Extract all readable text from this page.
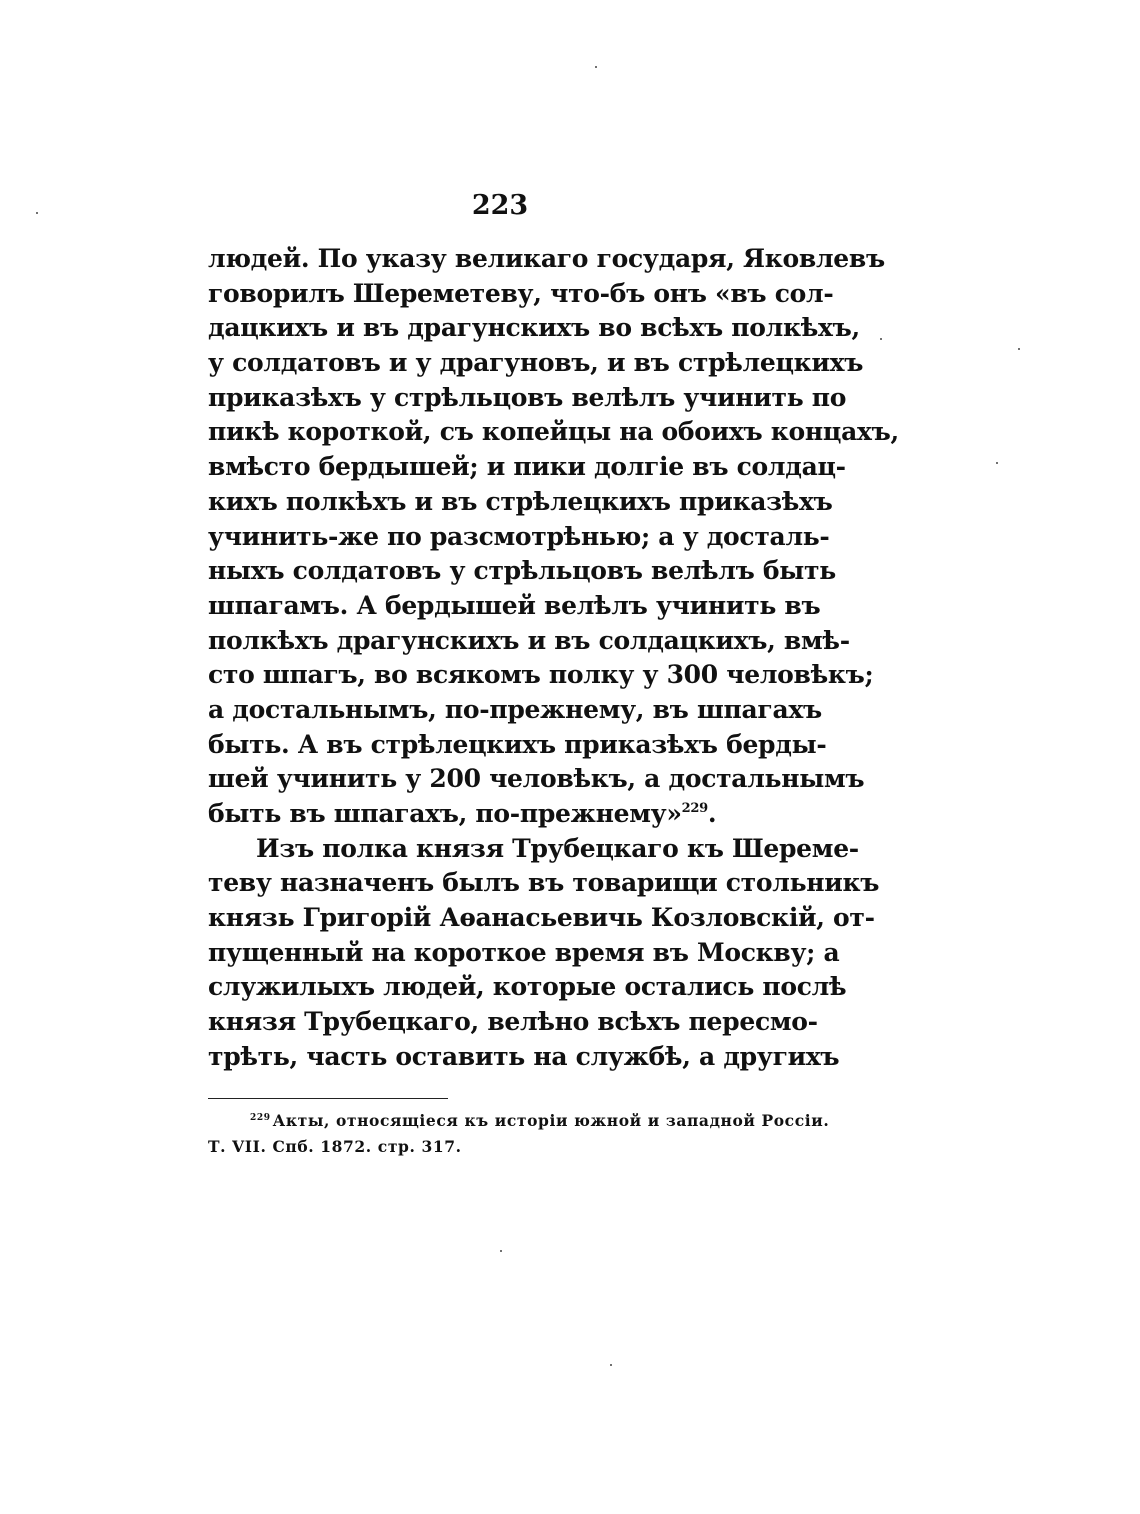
223
людей. По указу великаго государя, Яковлевъ
говорилъ Шереметеву, что-бъ онъ «въ сол-
дацкихъ и въ драгунскихъ во всѣхъ полкѣхъ,
у солдатовъ и у драгуновъ, и въ стрѣлецкихъ
приказѣхъ у стрѣльцовъ велѣлъ учинить по
пикѣ короткой, съ копейцы на обоихъ концахъ,
вмѣсто бердышей; и пики долгіе въ солдац-
кихъ полкѣхъ и въ стрѣлецкихъ приказѣхъ
учинить-же по разсмотрѣнью; а у досталь-
ныхъ солдатовъ у стрѣльцовъ велѣлъ быть
шпагамъ. А бердышей велѣлъ учинить въ
полкѣхъ драгунскихъ и въ солдацкихъ, вмѣ-
сто шпагъ, во всякомъ полку у 300 человѣкъ;
а достальнымъ, по-прежнему, въ шпагахъ
быть. А въ стрѣлецкихъ приказѣхъ берды-
шей учинить у 200 человѣкъ, а достальнымъ
быть въ шпагахъ, по-прежнему»$^{229}$.
Изъ полка князя Трубецкаго къ Шереме-
теву назначенъ былъ въ товарищи стольникъ
князь Григорій Аѳанасьевичь Козловскій, от-
пущенный на короткое время въ Москву; а
служилыхъ людей, которые остались послѣ
князя Трубецкаго, велѣно всѣхъ пересмо-
трѣть, часть оставить на службѣ, а другихъ
$^{229}$ Акты, относящіеся къ исторіи южной и западной Россіи.
Т. VII. Спб. 1872. стр. 317.
